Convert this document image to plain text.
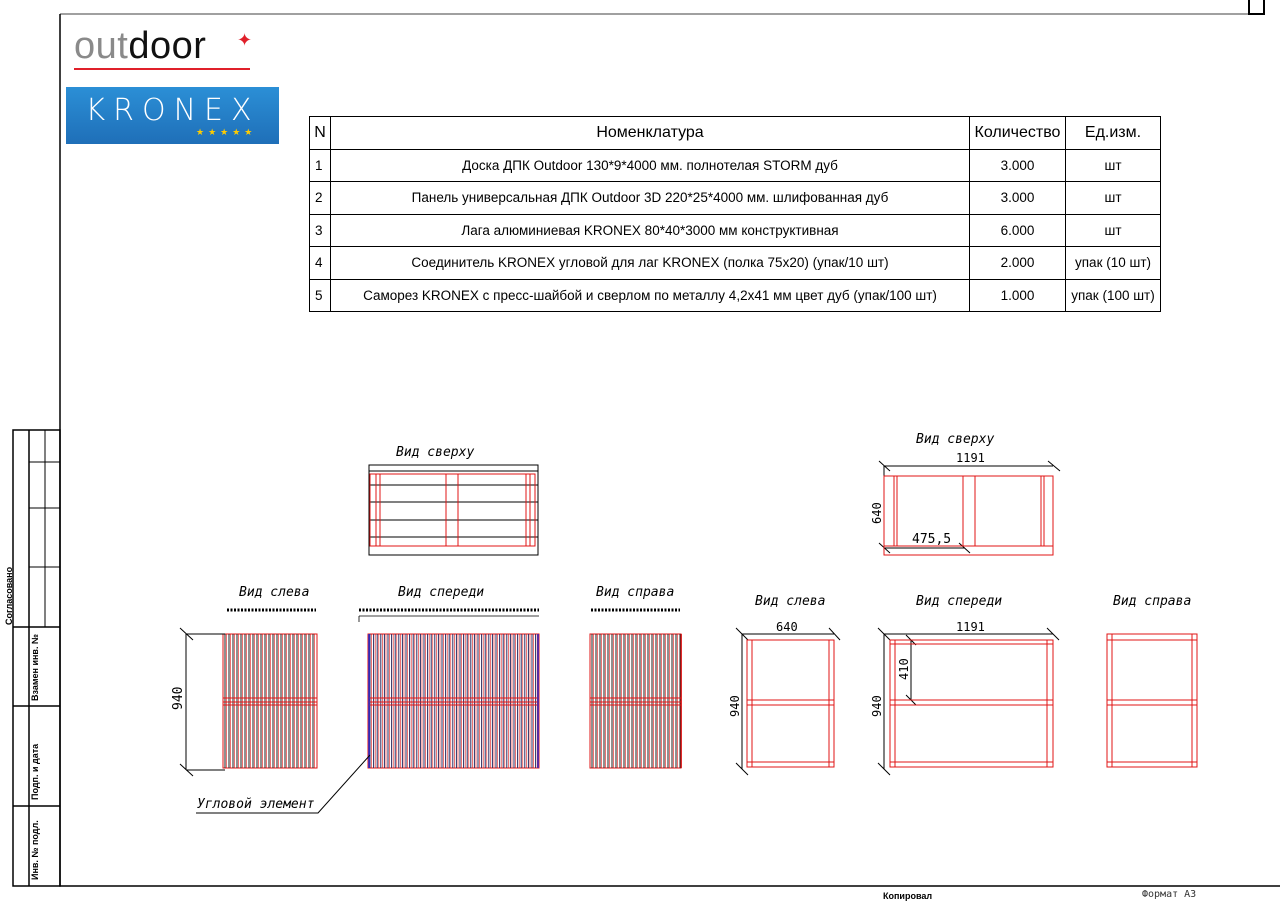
outdoor ✦
KRONEX
★★★★★	N	Номенклатура	Количество	Ед.изм.
1	Доска ДПК Outdoor 130*9*4000 мм. полнотелая STORM дуб	3.000	шт
2	Панель универсальная ДПК Outdoor 3D 220*25*4000 мм. шлифованная дуб	3.000	шт
3	Лага алюминиевая KRONEX 80*40*3000 мм конструктивная	6.000	шт
4	Соединитель KRONEX угловой для лаг KRONEX (полка 75x20) (упак/10 шт)	2.000	упак (10 шт)
5	Саморез KRONEX с пресс-шайбой и сверлом по металлу 4,2x41 мм цвет дуб (упак/100 шт)	1.000	упак (100 шт)
Согласовано
Взамен инв. №
Подп. и дата
Инв. № подл.
Вид сверху
Вид слева	Вид спереди	Вид справа
940
Угловой элемент
Вид сверху
1191
640
475,5
Вид слева	Вид спереди	Вид справа
640
940
1191
410
940
Копировал	Формат А3
